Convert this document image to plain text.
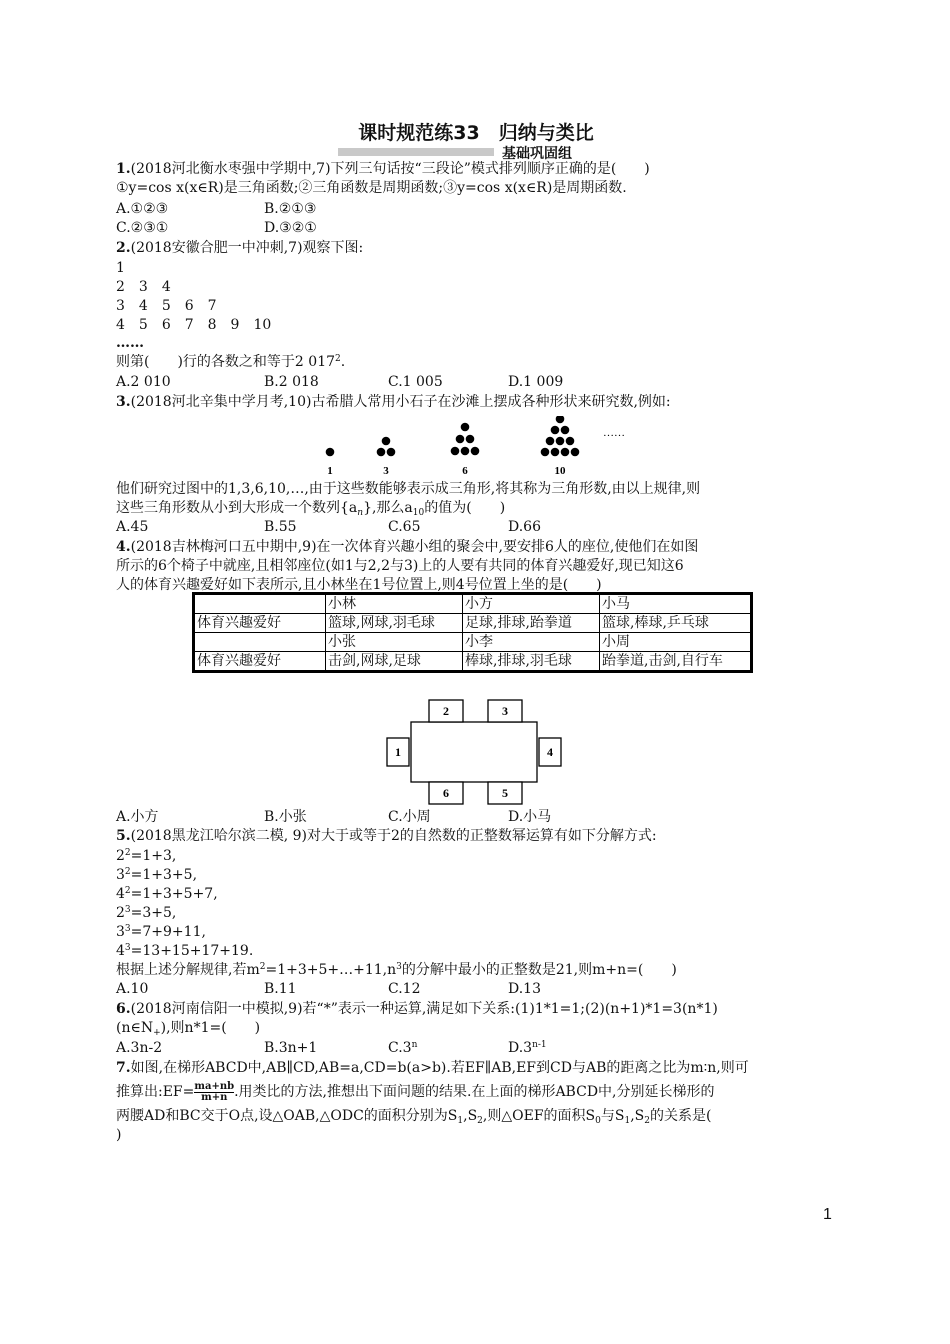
课时规范练33　归纳与类比
基础巩固组
1.(2018河北衡水枣强中学期中,7)下列三句话按“三段论”模式排列顺序正确的是(　　)
①y=cos x(x∈R)是三角函数;②三角函数是周期函数;③y=cos x(x∈R)是周期函数.
A.①②③	B.②①③
C.②③①	D.③②①
2.(2018安徽合肥一中冲刺,7)观察下图:
1
2　3　4
3　4　5　6　7
4　5　6　7　8　9　10
……
则第(　　)行的各数之和等于2 $017^2$.
A.2 010	B.2 018	C.1 005	D.1 009
3.(2018河北辛集中学月考,10)古希腊人常用小石子在沙滩上摆成各种形状来研究数,例如:
1	3	6	10
……
他们研究过图中的1,3,6,10,…,由于这些数能够表示成三角形,将其称为三角形数,由以上规律,则
这些三角形数从小到大形成一个数列$\{a_n\}$,那么$a_{10}$的值为(　　)
A.45	B.55	C.65	D.66
4.(2018吉林梅河口五中期中,9)在一次体育兴趣小组的聚会中,要安排6人的座位,使他们在如图
所示的6个椅子中就座,且相邻座位(如1与2,2与3)上的人要有共同的体育兴趣爱好,现已知这6
人的体育兴趣爱好如下表所示,且小林坐在1号位置上,则4号位置上坐的是(　　)
	小林	小方	小马
体育兴趣爱好	篮球,网球,羽毛球	足球,排球,跆拳道	篮球,棒球,乒乓球
	小张	小李	小周
体育兴趣爱好	击剑,网球,足球	棒球,排球,羽毛球	跆拳道,击剑,自行车
1
2	3
4
5
6
A.小方	B.小张	C.小周	D.小马
5.(2018黑龙江哈尔滨二模, 9)对大于或等于2的自然数的正整数幂运算有如下分解方式:
$2^2=1+3$,
$3^2=1+3+5$,
$4^2=1+3+5+7$,
$2^3=3+5$,
$3^3=7+9+11$,
$4^3=13+15+17+19$.
根据上述分解规律,若$m^2=1+3+5+\dots+11,n^3$的分解中最小的正整数是21,则m+n=(　　)
A.10	B.11	C.12	D.13
6.(2018河南信阳一中模拟,9)若“*”表示一种运算,满足如下关系:(1)1*1=1;(2)(n+1)*1=3(n*1)
$(n\in N_+)$,则n*1=(　　)
A.3n-2	B.3n+1	C.3$^n$	D.3$^{n-1}$
7.如图,在梯形ABCD中,AB∥CD,AB=a,CD=b(a>b).若EF∥AB,EF到CD与AB的距离之比为m∶n,则可
推算出:EF= $\frac{ma+nb}{m+n}$ .用类比的方法,推想出下面问题的结果.在上面的梯形ABCD中,分别延长梯形的
两腰AD和BC交于O点,设△OAB,△ODC的面积分别为$S_1,S_2$,则△OEF的面积$S_0$与$S_1,S_2$的关系是(
)
1
